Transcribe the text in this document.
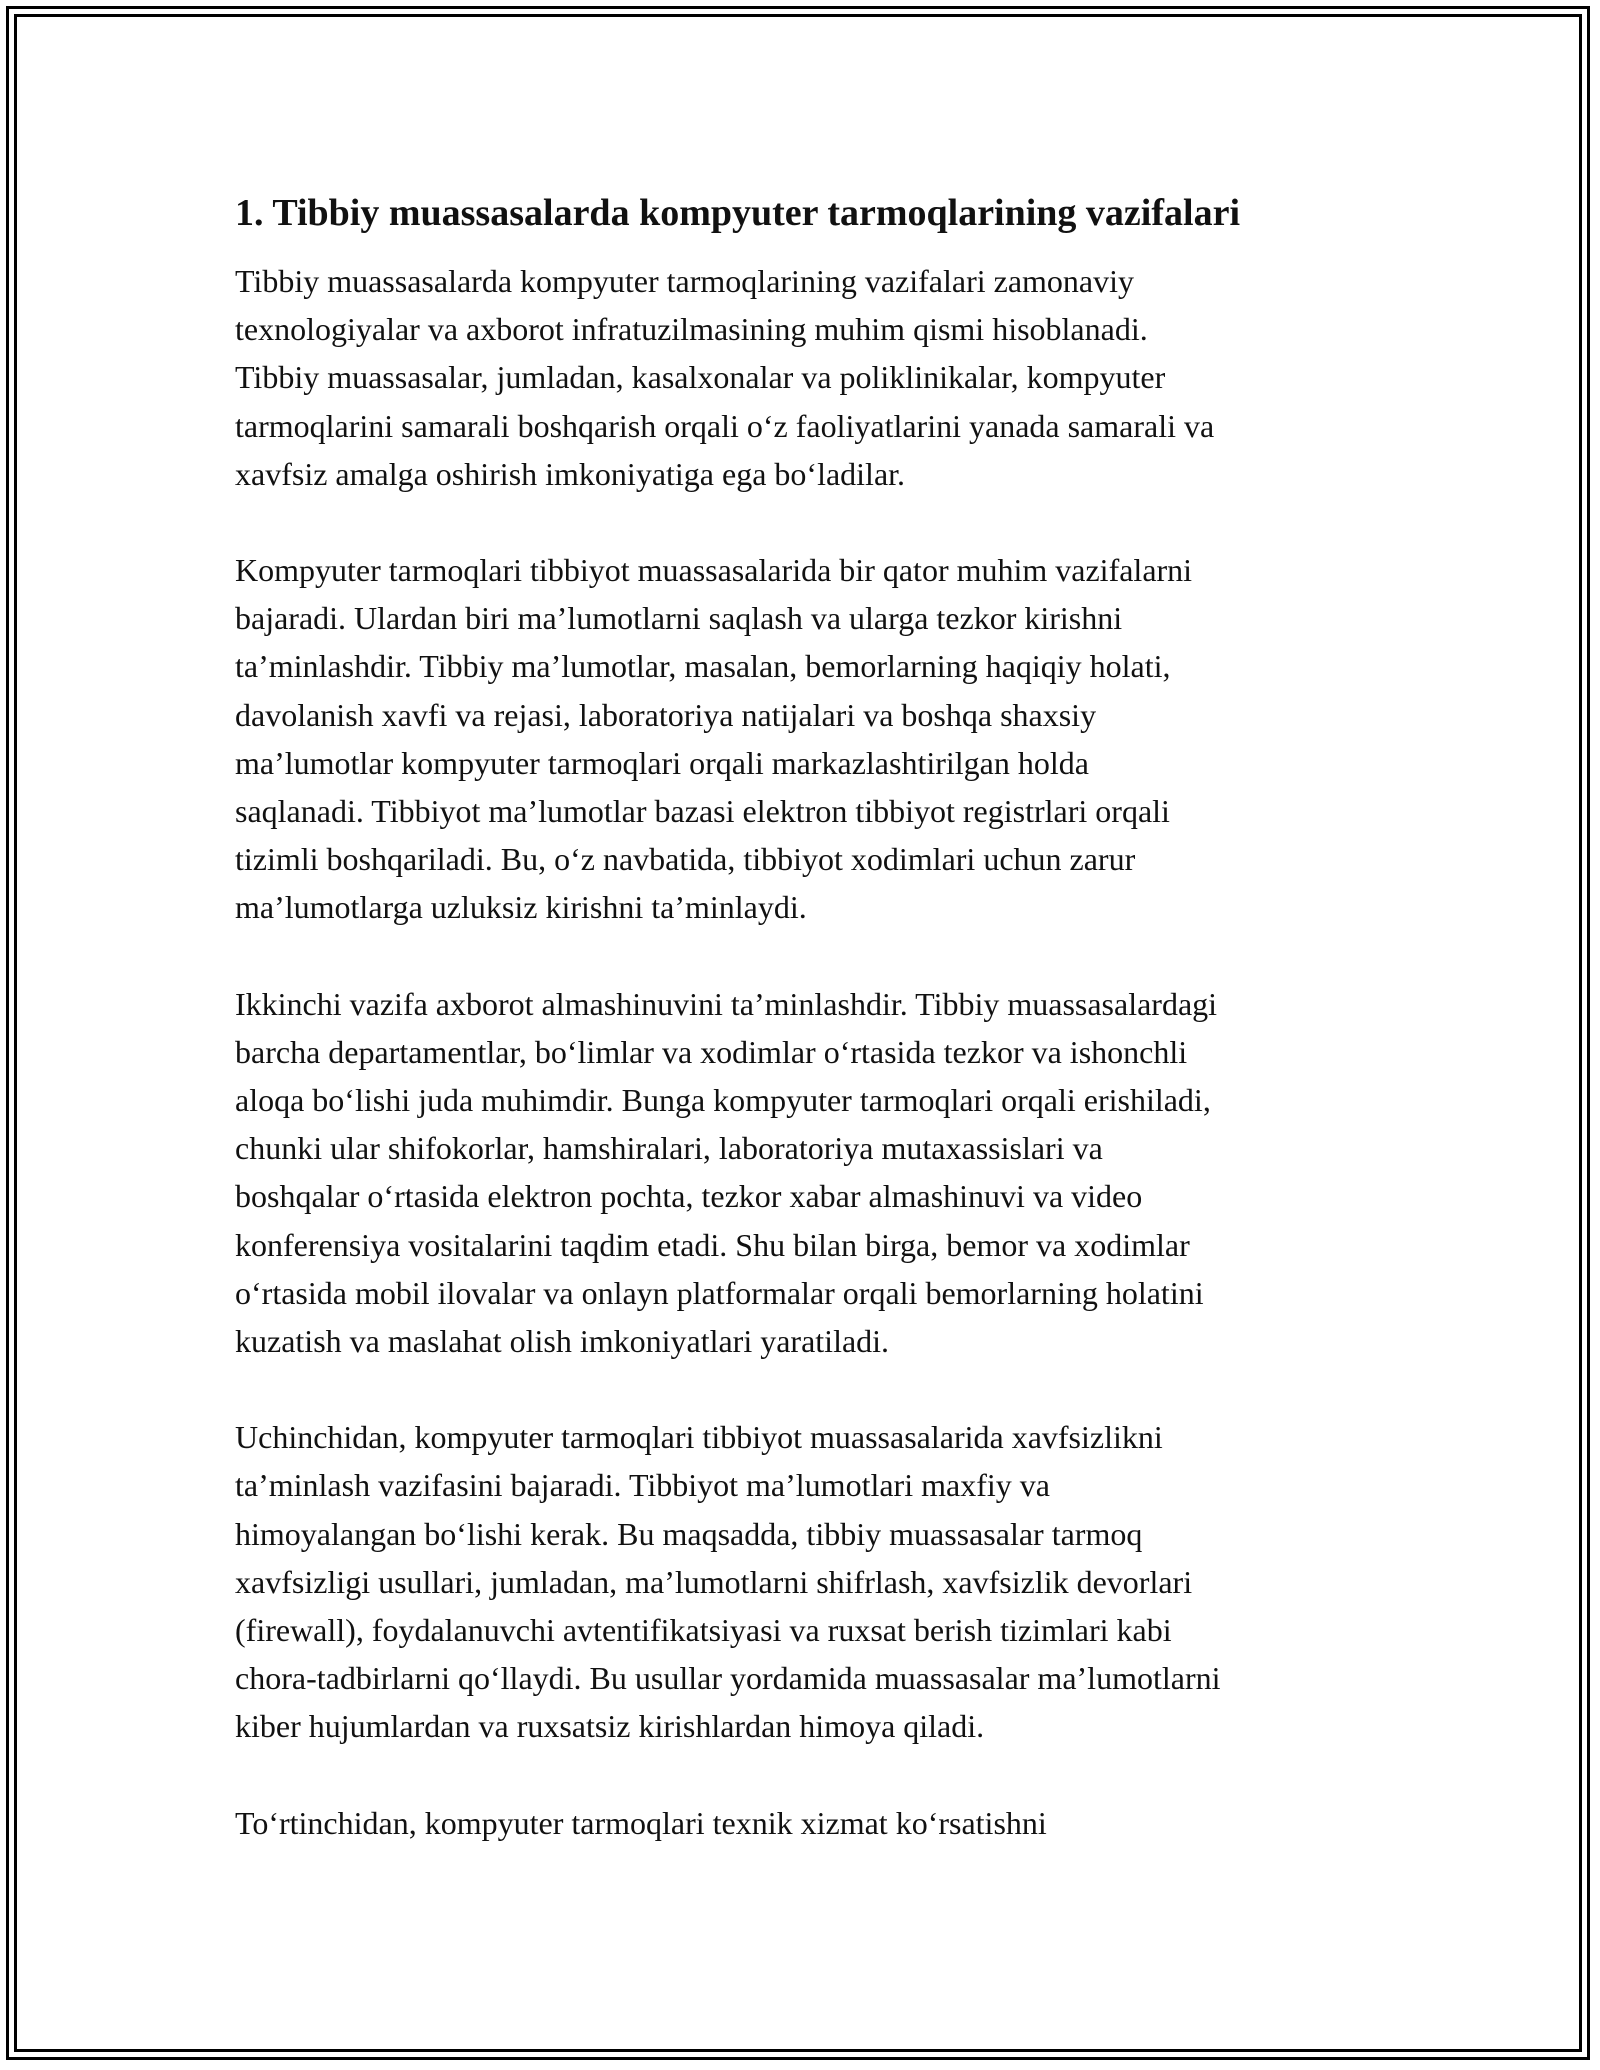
1. Tibbiy muassasalarda kompyuter tarmoqlarining vazifalari

Tibbiy muassasalarda kompyuter tarmoqlarining vazifalari zamonaviy
texnologiyalar va axborot infratuzilmasining muhim qismi hisoblanadi.
Tibbiy muassasalar, jumladan, kasalxonalar va poliklinikalar, kompyuter
tarmoqlarini samarali boshqarish orqali o‘z faoliyatlarini yanada samarali va
xavfsiz amalga oshirish imkoniyatiga ega bo‘ladilar.

Kompyuter tarmoqlari tibbiyot muassasalarida bir qator muhim vazifalarni
bajaradi. Ulardan biri ma’lumotlarni saqlash va ularga tezkor kirishni
ta’minlashdir. Tibbiy ma’lumotlar, masalan, bemorlarning haqiqiy holati,
davolanish xavfi va rejasi, laboratoriya natijalari va boshqa shaxsiy
ma’lumotlar kompyuter tarmoqlari orqali markazlashtirilgan holda
saqlanadi. Tibbiyot ma’lumotlar bazasi elektron tibbiyot registrlari orqali
tizimli boshqariladi. Bu, o‘z navbatida, tibbiyot xodimlari uchun zarur
ma’lumotlarga uzluksiz kirishni ta’minlaydi.

Ikkinchi vazifa axborot almashinuvini ta’minlashdir. Tibbiy muassasalardagi
barcha departamentlar, bo‘limlar va xodimlar o‘rtasida tezkor va ishonchli
aloqa bo‘lishi juda muhimdir. Bunga kompyuter tarmoqlari orqali erishiladi,
chunki ular shifokorlar, hamshiralari, laboratoriya mutaxassislari va
boshqalar o‘rtasida elektron pochta, tezkor xabar almashinuvi va video
konferensiya vositalarini taqdim etadi. Shu bilan birga, bemor va xodimlar
o‘rtasida mobil ilovalar va onlayn platformalar orqali bemorlarning holatini
kuzatish va maslahat olish imkoniyatlari yaratiladi.

Uchinchidan, kompyuter tarmoqlari tibbiyot muassasalarida xavfsizlikni
ta’minlash vazifasini bajaradi. Tibbiyot ma’lumotlari maxfiy va
himoyalangan bo‘lishi kerak. Bu maqsadda, tibbiy muassasalar tarmoq
xavfsizligi usullari, jumladan, ma’lumotlarni shifrlash, xavfsizlik devorlari
(firewall), foydalanuvchi avtentifikatsiyasi va ruxsat berish tizimlari kabi
chora-tadbirlarni qo‘llaydi. Bu usullar yordamida muassasalar ma’lumotlarni
kiber hujumlardan va ruxsatsiz kirishlardan himoya qiladi.

To‘rtinchidan, kompyuter tarmoqlari texnik xizmat ko‘rsatishni
